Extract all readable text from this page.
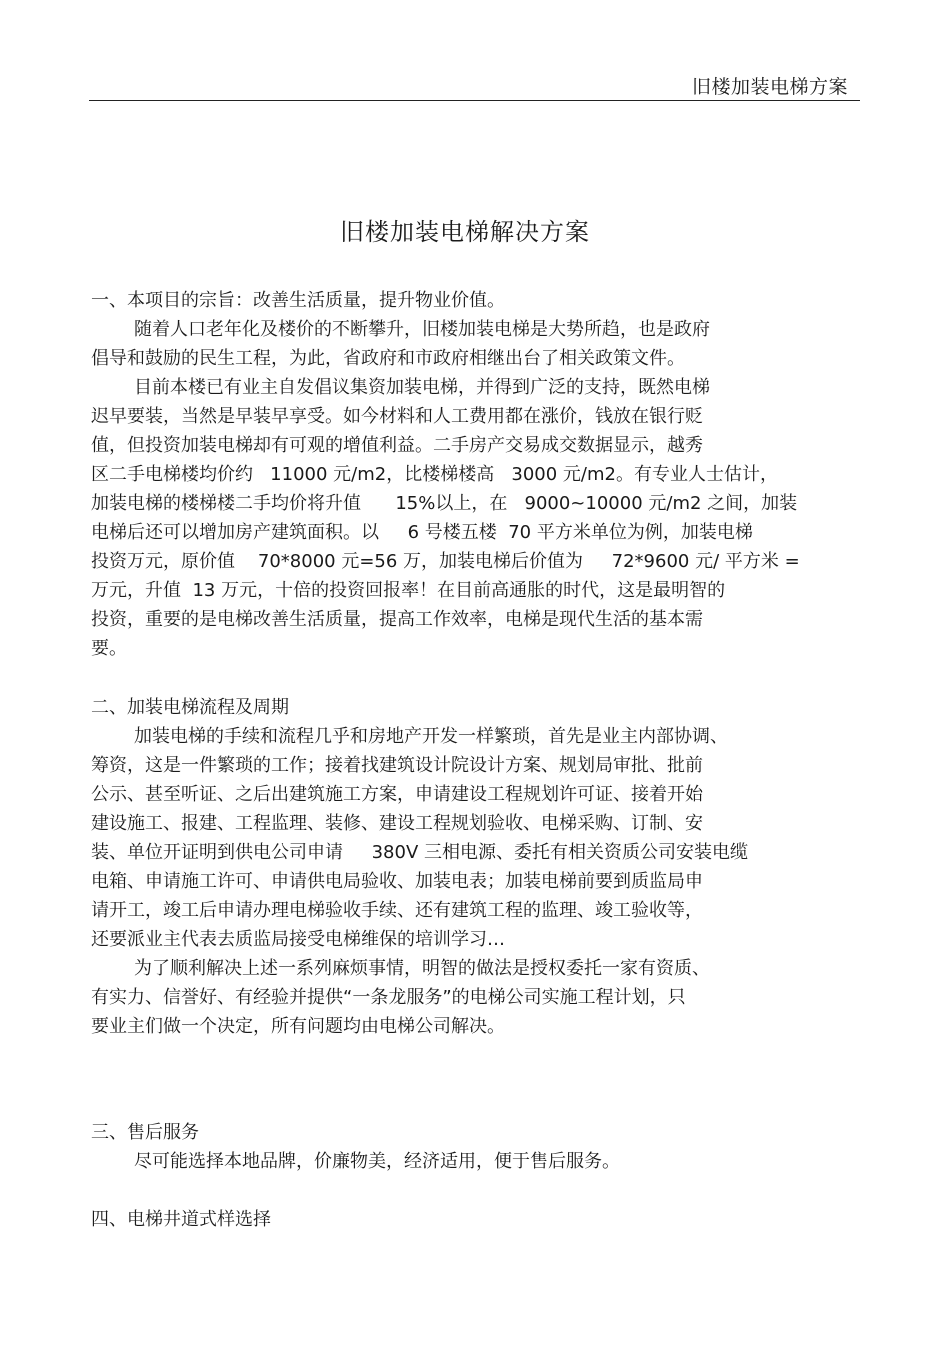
旧楼加装电梯方案
旧楼加装电梯解决方案
一、本项目的宗旨：改善生活质量，提升物业价值。
随着人口老年化及楼价的不断攀升，旧楼加装电梯是大势所趋，也是政府
倡导和鼓励的民生工程，为此，省政府和市政府相继出台了相关政策文件。
目前本楼已有业主自发倡议集资加装电梯，并得到广泛的支持，既然电梯
迟早要装，当然是早装早享受。如今材料和人工费用都在涨价，钱放在银行贬
值，但投资加装电梯却有可观的增值利益。二手房产交易成交数据显示，越秀
区二手电梯楼均价约   11000 元/m2，比楼梯楼高   3000 元/m2。有专业人士估计，
加装电梯的楼梯楼二手均价将升值      15%以上，在   9000~10000 元/m2 之间，加装
电梯后还可以增加房产建筑面积。以     6 号楼五楼  70 平方米单位为例，加装电梯
投资万元，原价值    70*8000 元=56 万，加装电梯后价值为     72*9600 元/ 平方米 =
万元，升值  13 万元，十倍的投资回报率！在目前高通胀的时代，这是最明智的
投资，重要的是电梯改善生活质量，提高工作效率，电梯是现代生活的基本需
要。
二、加装电梯流程及周期
加装电梯的手续和流程几乎和房地产开发一样繁琐，首先是业主内部协调、
筹资，这是一件繁琐的工作；接着找建筑设计院设计方案、规划局审批、批前
公示、甚至听证、之后出建筑施工方案，申请建设工程规划许可证、接着开始
建设施工、报建、工程监理、装修、建设工程规划验收、电梯采购、订制、安
装、单位开证明到供电公司申请     380V 三相电源、委托有相关资质公司安装电缆
电箱、申请施工许可、申请供电局验收、加装电表；加装电梯前要到质监局申
请开工，竣工后申请办理电梯验收手续、还有建筑工程的监理、竣工验收等，
还要派业主代表去质监局接受电梯维保的培训学习…
为了顺利解决上述一系列麻烦事情，明智的做法是授权委托一家有资质、
有实力、信誉好、有经验并提供“一条龙服务”的电梯公司实施工程计划，只
要业主们做一个决定，所有问题均由电梯公司解决。
三、售后服务
尽可能选择本地品牌，价廉物美，经济适用，便于售后服务。
四、电梯井道式样选择
